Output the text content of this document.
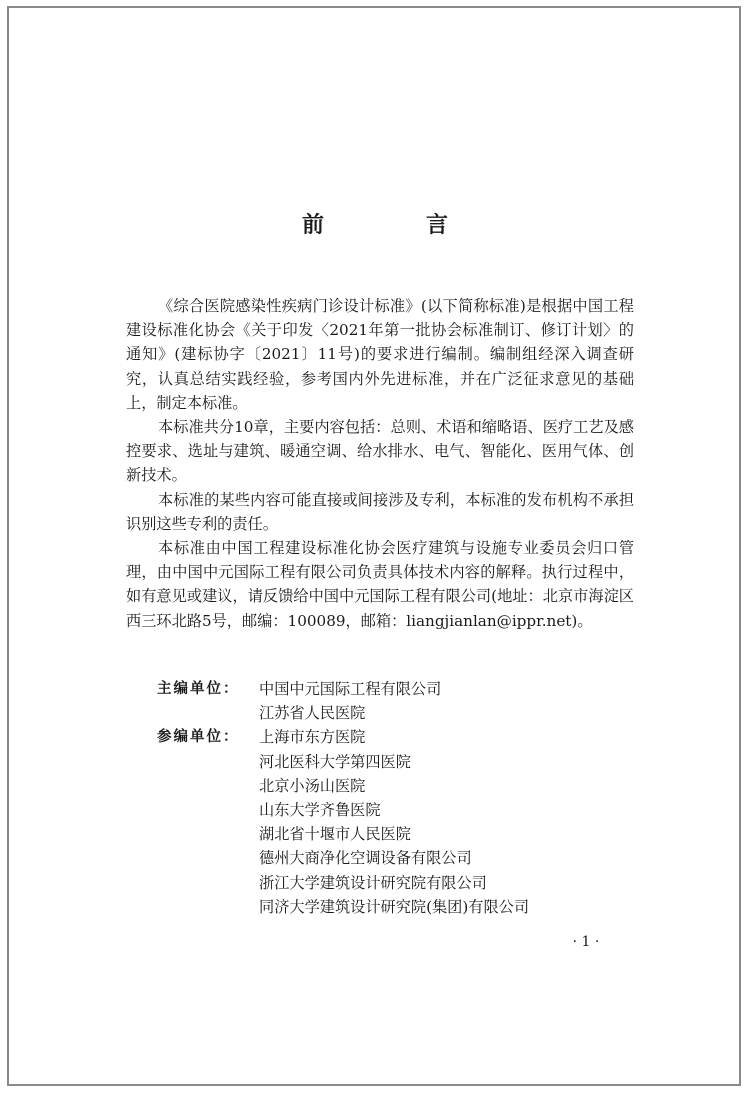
前　言

《综合医院感染性疾病门诊设计标准》(以下简称标准)是根据中国工程建设标准化协会《关于印发〈2021年第一批协会标准制订、修订计划〉的通知》(建标协字〔2021〕11号)的要求进行编制。编制组经深入调查研究，认真总结实践经验，参考国内外先进标准，并在广泛征求意见的基础上，制定本标准。

本标准共分10章，主要内容包括：总则、术语和缩略语、医疗工艺及感控要求、选址与建筑、暖通空调、给水排水、电气、智能化、医用气体、创新技术。

本标准的某些内容可能直接或间接涉及专利，本标准的发布机构不承担识别这些专利的责任。

本标准由中国工程建设标准化协会医疗建筑与设施专业委员会归口管理，由中国中元国际工程有限公司负责具体技术内容的解释。执行过程中，如有意见或建议，请反馈给中国中元国际工程有限公司(地址：北京市海淀区西三环北路5号，邮编：100089，邮箱：liangjianlan@ippr.net)。

主编单位：	中国中元国际工程有限公司
江苏省人民医院
参编单位：	上海市东方医院
河北医科大学第四医院
北京小汤山医院
山东大学齐鲁医院
湖北省十堰市人民医院
德州大商净化空调设备有限公司
浙江大学建筑设计研究院有限公司
同济大学建筑设计研究院(集团)有限公司
· 1 ·
